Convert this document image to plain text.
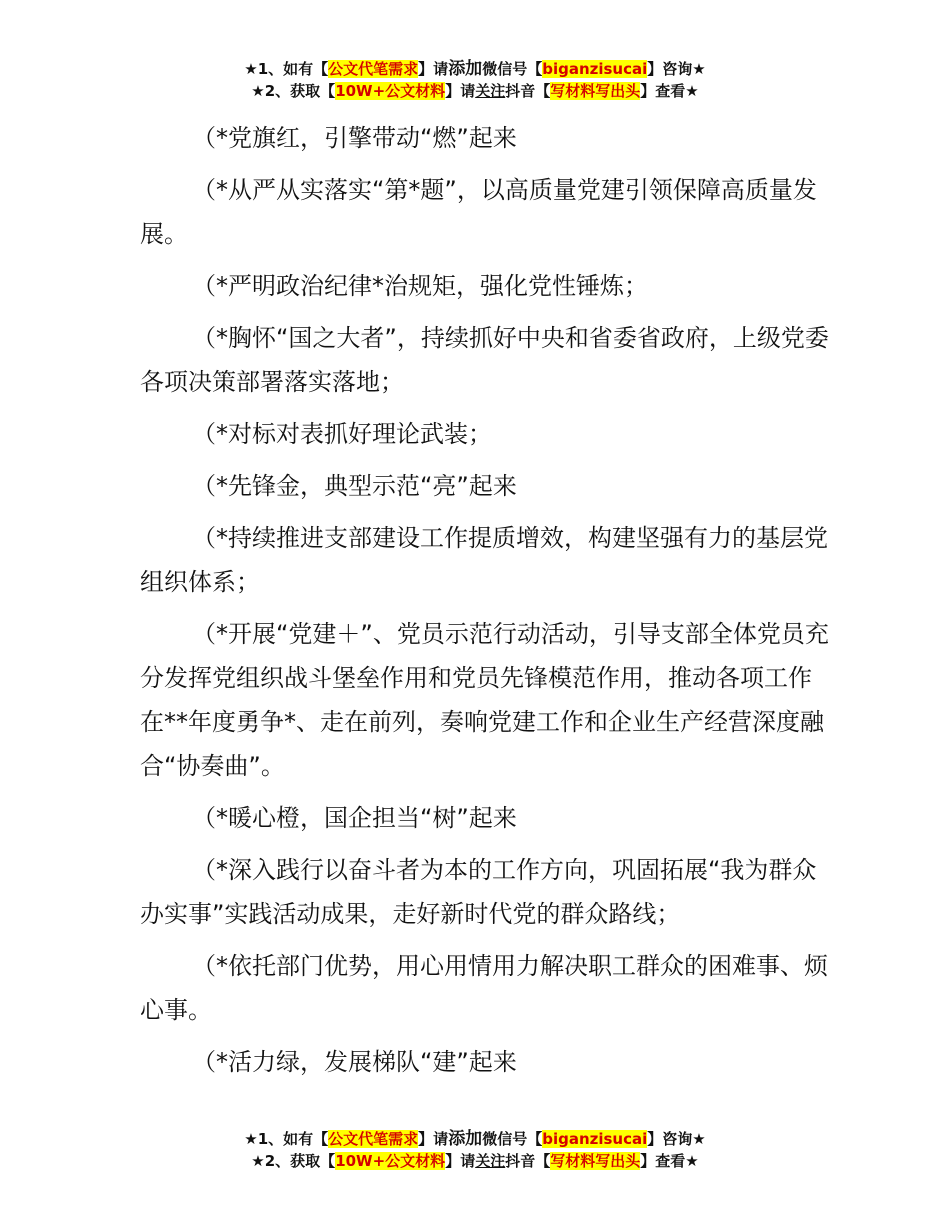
★1、如有【公文代笔需求】请添加微信号【biganzisucai】咨询★
★2、获取【10W+公文材料】请关注抖音【写材料写出头】查看★

（*党旗红，引擎带动“燃”起来

（*从严从实落实“第*题”，以高质量党建引领保障高质量发展。

（*严明政治纪律*治规矩，强化党性锤炼；

（*胸怀“国之大者”，持续抓好中央和省委省政府，上级党委各项决策部署落实落地；

（*对标对表抓好理论武装；

（*先锋金，典型示范“亮”起来

（*持续推进支部建设工作提质增效，构建坚强有力的基层党组织体系；

（*开展“党建＋”、党员示范行动活动，引导支部全体党员充分发挥党组织战斗堡垒作用和党员先锋模范作用，推动各项工作在**年度勇争*、走在前列，奏响党建工作和企业生产经营深度融合“协奏曲”。

（*暖心橙，国企担当“树”起来

（*深入践行以奋斗者为本的工作方向，巩固拓展“我为群众办实事”实践活动成果，走好新时代党的群众路线；

（*依托部门优势，用心用情用力解决职工群众的困难事、烦心事。

（*活力绿，发展梯队“建”起来

★1、如有【公文代笔需求】请添加微信号【biganzisucai】咨询★
★2、获取【10W+公文材料】请关注抖音【写材料写出头】查看★
